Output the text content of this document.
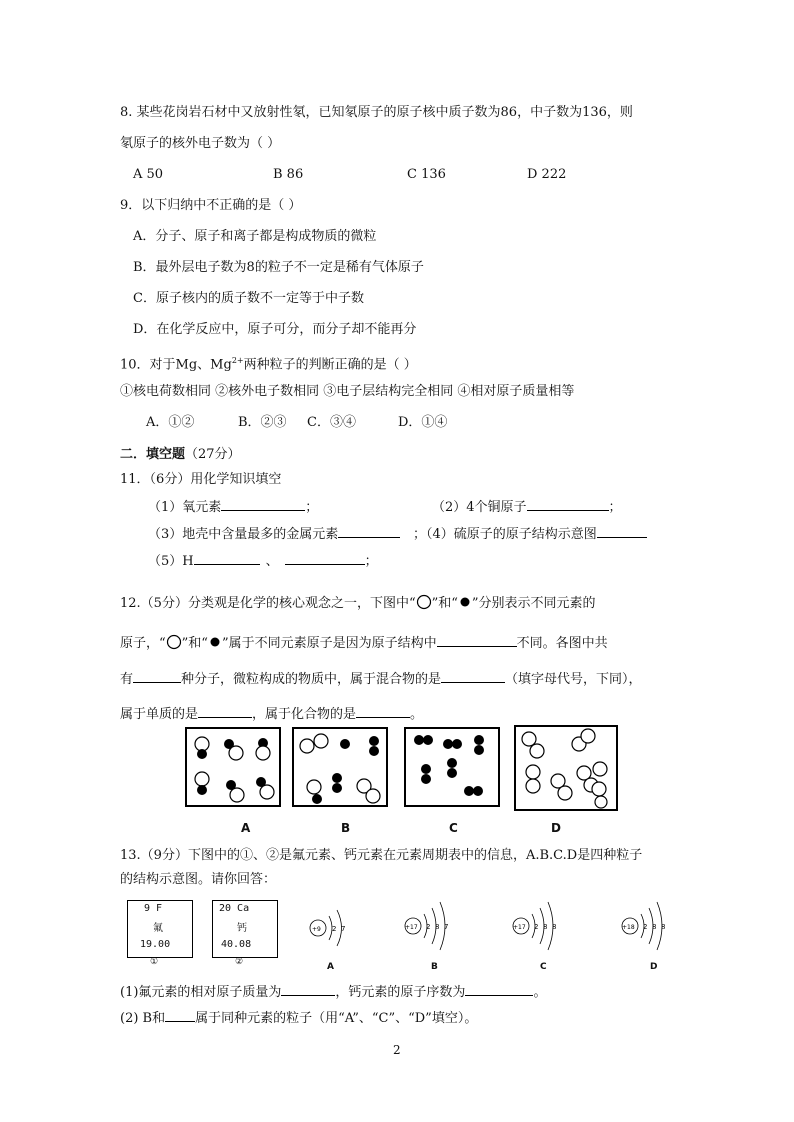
8. 某些花岗岩石材中又放射性氡，已知氡原子的原子核中质子数为86，中子数为136，则
氡原子的核外电子数为（ ）
A 50	B 86	C 136	D 222
9．以下归纳中不正确的是（ ）
A．分子、原子和离子都是构成物质的微粒
B．最外层电子数为8的粒子不一定是稀有气体原子
C．原子核内的质子数不一定等于中子数
D．在化学反应中，原子可分，而分子却不能再分
10．对于Mg、$Mg^{2+}$两种粒子的判断正确的是（ ）
①核电荷数相同 ②核外电子数相同 ③电子层结构完全相同 ④相对原子质量相等
A．①②	B．②③ C．③④	D．①④
二．填空题（27分）
11．（6分）用化学知识填空
（1）氧元素	；	（2）4个铜原子	；
（3）地壳中含量最多的金属元素	；（4）硫原子的原子结构示意图
（5）H	、	；
12.（5分）分类观是化学的核心观念之一，下图中“ ”和“ ”分别表示不同元素的
原子，“ ”和“ ”属于不同元素原子是因为原子结构中	不同。各图中共
有	种分子，微粒构成的物质中，属于混合物的是	（填字母代号，下同），
属于单质的是	，属于化合物的是	。
A	B	C	D
13.（9分）下图中的①、②是氟元素、钙元素在元素周期表中的信息，A.B.C.D是四种粒子
的结构示意图。请你回答：
9 F
氟
19.00
①
20 Ca
钙
40.08
②
+9 2 7	+17 2 8 7	+17 2 8 8	+18 2 8 8
A	B	C	D
(1)氟元素的相对原子质量为	，钙元素的原子序数为	。
(2) B和 属于同种元素的粒子（用“A”、“C”、“D”填空）。
2
